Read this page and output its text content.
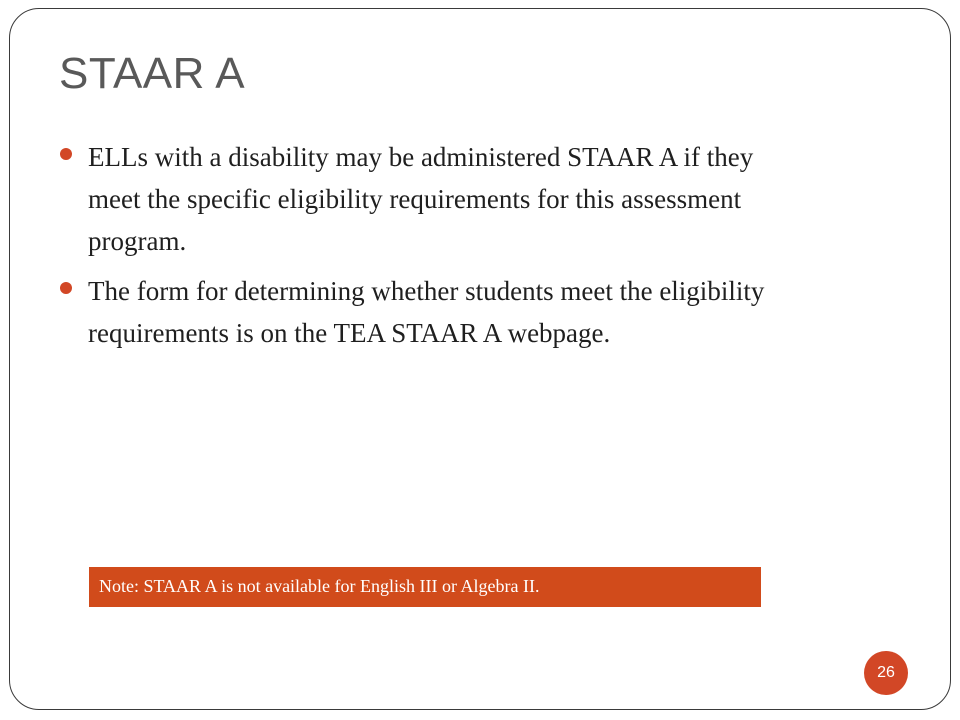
STAAR A
ELLs with a disability may be administered STAAR A if they meet the specific eligibility requirements for this assessment program.
The form for determining whether students meet the eligibility requirements is on the TEA STAAR A webpage.
Note: STAAR A is not available for English III or Algebra II.
26
